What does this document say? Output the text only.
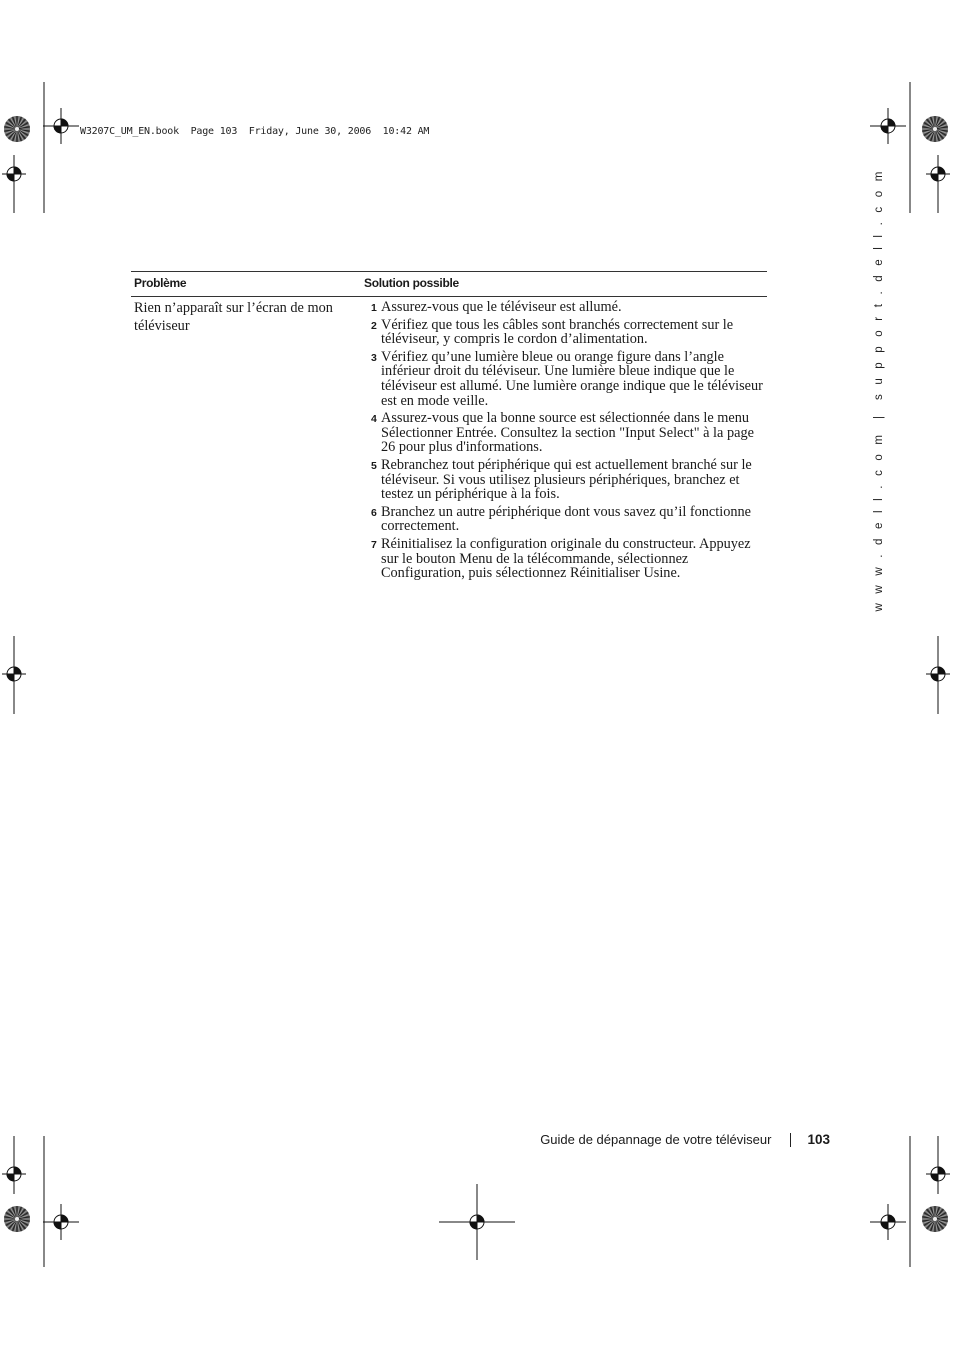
W3207C_UM_EN.book  Page 103  Friday, June 30, 2006  10:42 AM
w w w . d e l l . c o m  |  s u p p o r t . d e l l . c o m
Problème	Solution possible
Rien n’apparaît sur l’écran de mon téléviseur
1 Assurez-vous que le téléviseur est allumé.
2 Vérifiez que tous les câbles sont branchés correctement sur le téléviseur, y compris le cordon d’alimentation.
3 Vérifiez qu’une lumière bleue ou orange figure dans l’angle inférieur droit du téléviseur. Une lumière bleue indique que le téléviseur est allumé. Une lumière orange indique que le téléviseur est en mode veille.
4 Assurez-vous que la bonne source est sélectionnée dans le menu Sélectionner Entrée. Consultez la section "Input Select" à la page 26 pour plus d'informations.
5 Rebranchez tout périphérique qui est actuellement branché sur le téléviseur. Si vous utilisez plusieurs périphériques, branchez et testez un périphérique à la fois.
6 Branchez un autre périphérique dont vous savez qu’il fonctionne correctement.
7 Réinitialisez la configuration originale du constructeur. Appuyez sur le bouton Menu de la télécommande, sélectionnez Configuration, puis sélectionnez Réinitialiser Usine.
Guide de dépannage de votre téléviseur	103
